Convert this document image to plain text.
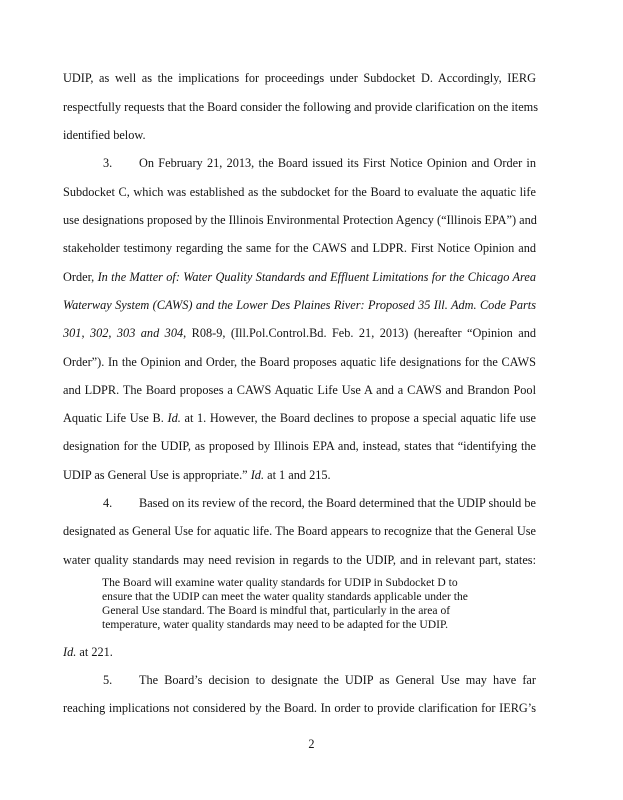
UDIP, as well as the implications for proceedings under Subdocket D. Accordingly, IERG
respectfully requests that the Board consider the following and provide clarification on the items
identified below.
3. On February 21, 2013, the Board issued its First Notice Opinion and Order in
Subdocket C, which was established as the subdocket for the Board to evaluate the aquatic life
use designations proposed by the Illinois Environmental Protection Agency (“Illinois EPA”) and
stakeholder testimony regarding the same for the CAWS and LDPR. First Notice Opinion and
Order, In the Matter of: Water Quality Standards and Effluent Limitations for the Chicago Area
Waterway System (CAWS) and the Lower Des Plaines River: Proposed 35 Ill. Adm. Code Parts
301, 302, 303 and 304, R08-9, (Ill.Pol.Control.Bd. Feb. 21, 2013) (hereafter “Opinion and
Order”). In the Opinion and Order, the Board proposes aquatic life designations for the CAWS
and LDPR. The Board proposes a CAWS Aquatic Life Use A and a CAWS and Brandon Pool
Aquatic Life Use B. Id. at 1. However, the Board declines to propose a special aquatic life use
designation for the UDIP, as proposed by Illinois EPA and, instead, states that “identifying the
UDIP as General Use is appropriate.” Id. at 1 and 215.
4. Based on its review of the record, the Board determined that the UDIP should be
designated as General Use for aquatic life. The Board appears to recognize that the General Use
water quality standards may need revision in regards to the UDIP, and in relevant part, states:
The Board will examine water quality standards for UDIP in Subdocket D to
ensure that the UDIP can meet the water quality standards applicable under the
General Use standard. The Board is mindful that, particularly in the area of
temperature, water quality standards may need to be adapted for the UDIP.
Id. at 221.
5. The Board’s decision to designate the UDIP as General Use may have far
reaching implications not considered by the Board. In order to provide clarification for IERG’s
2
